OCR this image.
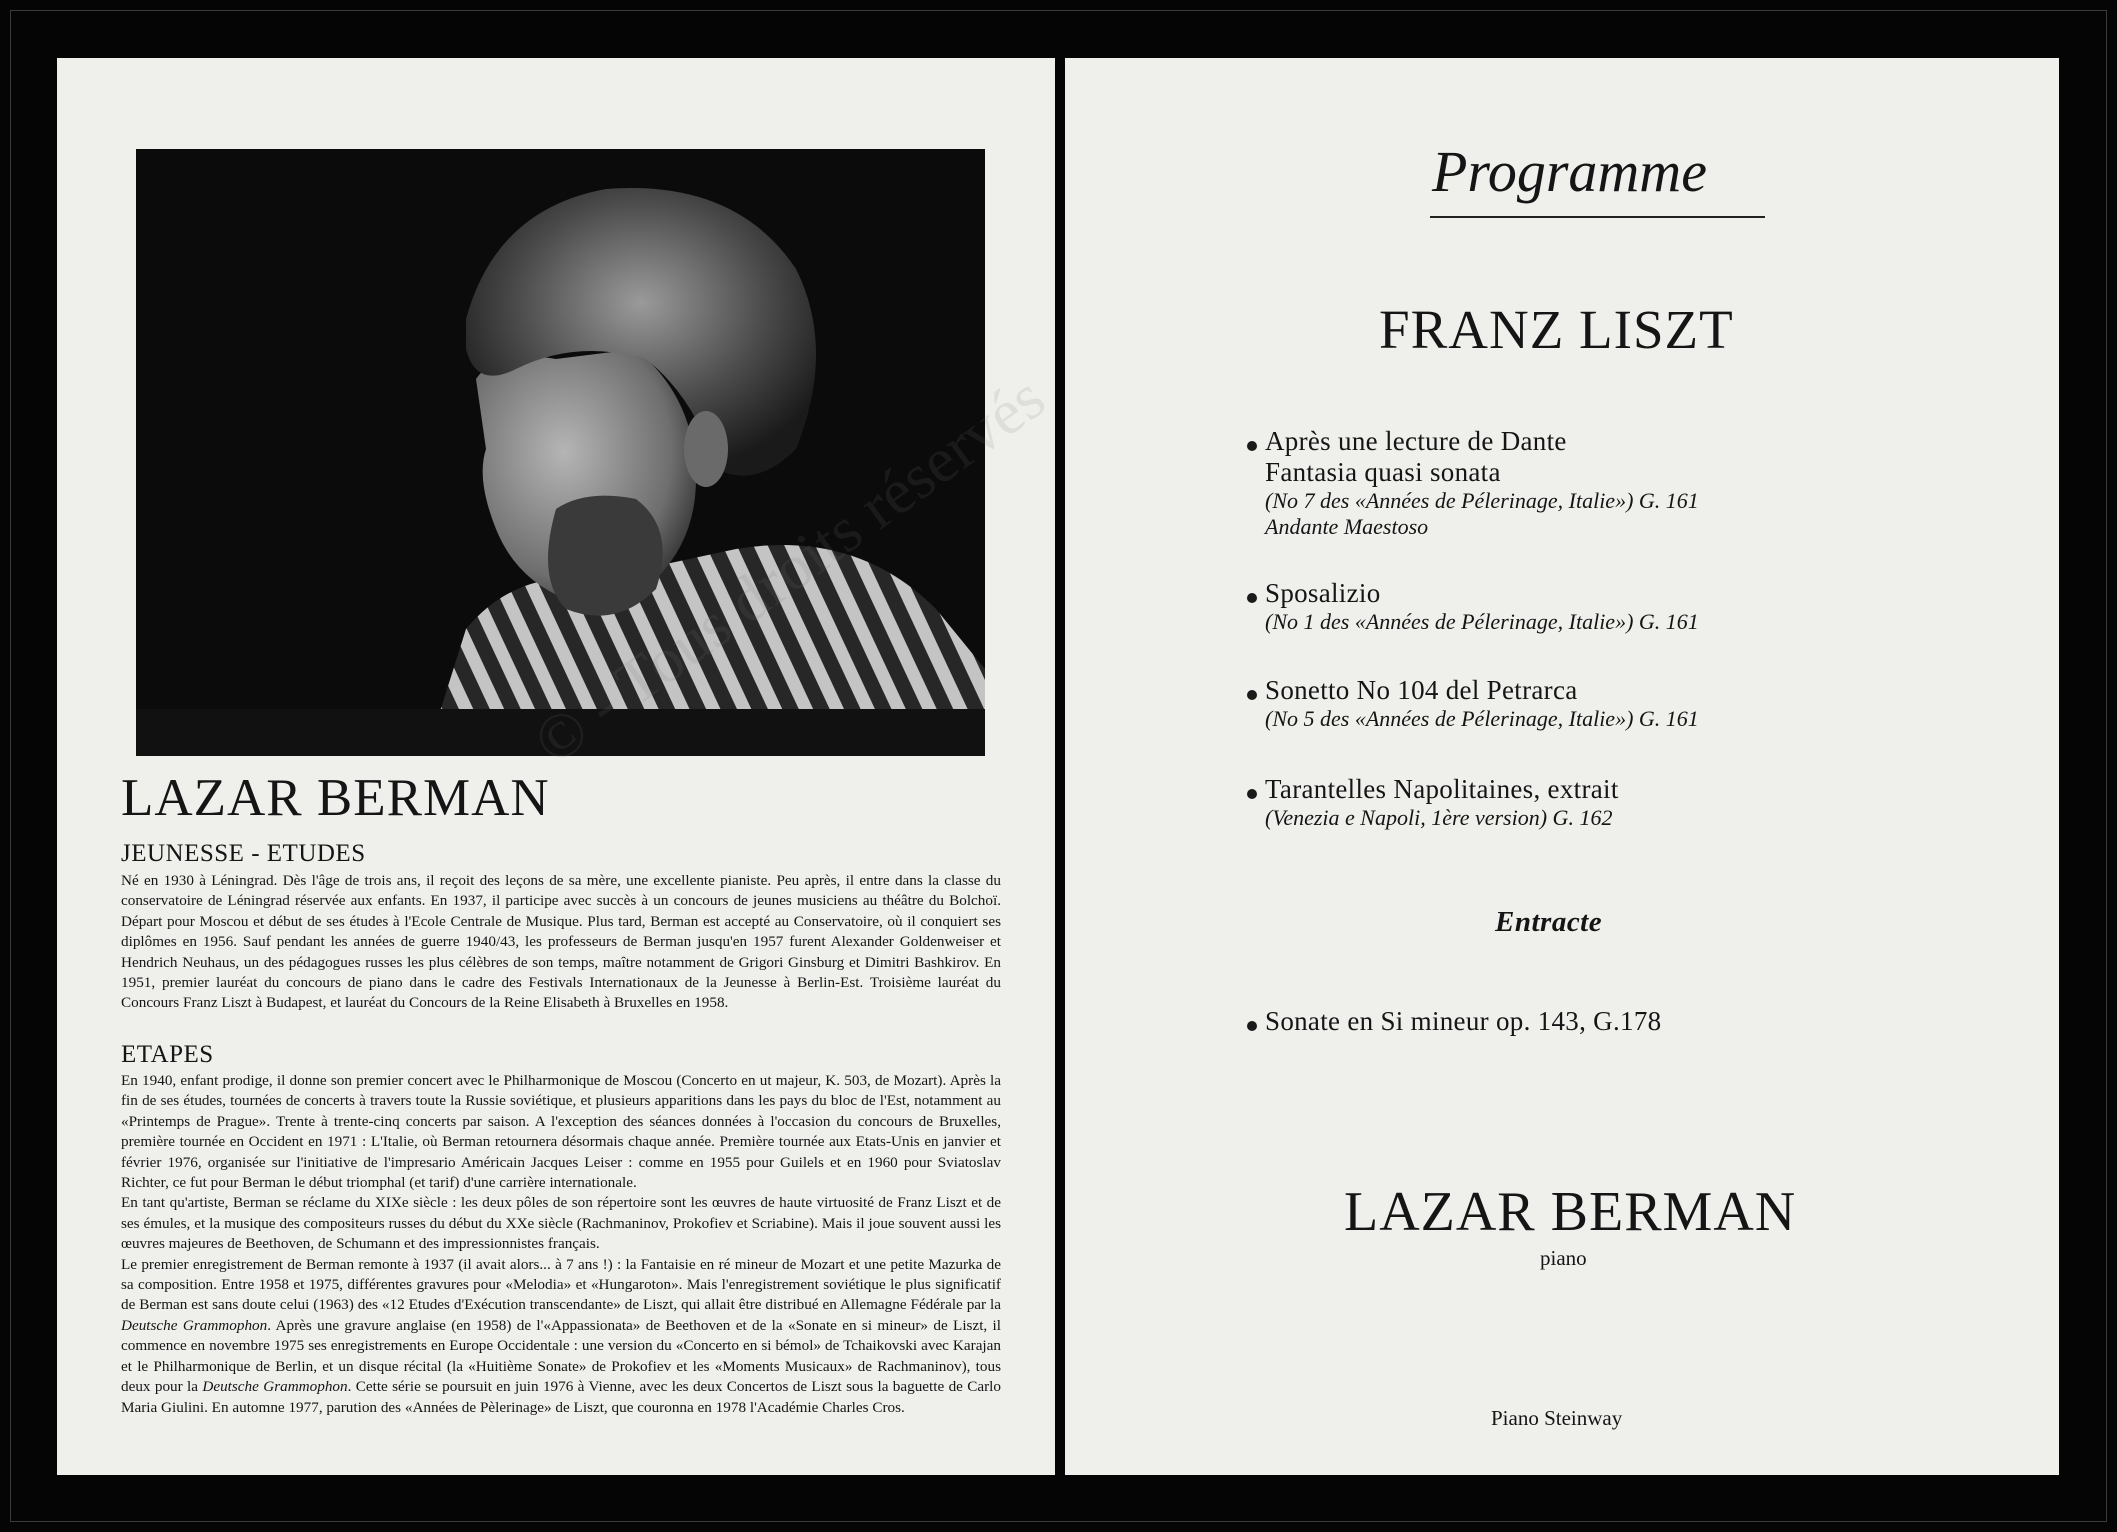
LAZAR BERMAN
JEUNESSE - ETUDES

Né en 1930 à Léningrad. Dès l'âge de trois ans, il reçoit des leçons de sa mère, une excellente pianiste. Peu après, il entre dans la classe du conservatoire de Léningrad réservée aux enfants. En 1937, il participe avec succès à un concours de jeunes musiciens au théâtre du Bolchoï. Départ pour Moscou et début de ses études à l'Ecole Centrale de Musique. Plus tard, Berman est accepté au Conservatoire, où il conquiert ses diplômes en 1956. Sauf pendant les années de guerre 1940/43, les professeurs de Berman jusqu'en 1957 furent Alexander Goldenweiser et Hendrich Neuhaus, un des pédagogues russes les plus célèbres de son temps, maître notamment de Grigori Ginsburg et Dimitri Bashkirov. En 1951, premier lauréat du concours de piano dans le cadre des Festivals Internationaux de la Jeunesse à Berlin-Est. Troisième lauréat du Concours Franz Liszt à Budapest, et lauréat du Concours de la Reine Elisabeth à Bruxelles en 1958.

ETAPES

En 1940, enfant prodige, il donne son premier concert avec le Philharmonique de Moscou (Concerto en ut majeur, K. 503, de Mozart). Après la fin de ses études, tournées de concerts à travers toute la Russie soviétique, et plusieurs apparitions dans les pays du bloc de l'Est, notamment au «Printemps de Prague». Trente à trente-cinq concerts par saison. A l'exception des séances données à l'occasion du concours de Bruxelles, première tournée en Occident en 1971 : L'Italie, où Berman retournera désormais chaque année. Première tournée aux Etats-Unis en janvier et février 1976, organisée sur l'initiative de l'impresario Américain Jacques Leiser : comme en 1955 pour Guilels et en 1960 pour Sviatoslav Richter, ce fut pour Berman le début triomphal (et tarif) d'une carrière internationale.

En tant qu'artiste, Berman se réclame du XIXe siècle : les deux pôles de son répertoire sont les œuvres de haute virtuosité de Franz Liszt et de ses émules, et la musique des compositeurs russes du début du XXe siècle (Rachmaninov, Prokofiev et Scriabine). Mais il joue souvent aussi les œuvres majeures de Beethoven, de Schumann et des impressionnistes français.

Le premier enregistrement de Berman remonte à 1937 (il avait alors... à 7 ans !) : la Fantaisie en ré mineur de Mozart et une petite Mazurka de sa composition. Entre 1958 et 1975, différentes gravures pour «Melodia» et «Hungaroton». Mais l'enregistrement soviétique le plus significatif de Berman est sans doute celui (1963) des «12 Etudes d'Exécution transcendante» de Liszt, qui allait être distribué en Allemagne Fédérale par la Deutsche Grammophon. Après une gravure anglaise (en 1958) de l'«Appassionata» de Beethoven et de la «Sonate en si mineur» de Liszt, il commence en novembre 1975 ses enregistrements en Europe Occidentale : une version du «Concerto en si bémol» de Tchaikovski avec Karajan et le Philharmonique de Berlin, et un disque récital (la «Huitième Sonate» de Prokofiev et les «Moments Musicaux» de Rachmaninov), tous deux pour la Deutsche Grammophon. Cette série se poursuit en juin 1976 à Vienne, avec les deux Concertos de Liszt sous la baguette de Carlo Maria Giulini. En automne 1977, parution des «Années de Pèlerinage» de Liszt, que couronna en 1978 l'Académie Charles Cros.

Programme
FRANZ LISZT
Après une lecture de Dante
Fantasia quasi sonata
(No 7 des «Années de Pélerinage, Italie») G. 161
Andante Maestoso
Sposalizio
(No 1 des «Années de Pélerinage, Italie») G. 161
Sonetto No 104 del Petrarca
(No 5 des «Années de Pélerinage, Italie») G. 161
Tarantelles Napolitaines, extrait
(Venezia e Napoli, 1ère version) G. 162
Entracte
Sonate en Si mineur op. 143, G.178
LAZAR BERMAN
piano
Piano Steinway
